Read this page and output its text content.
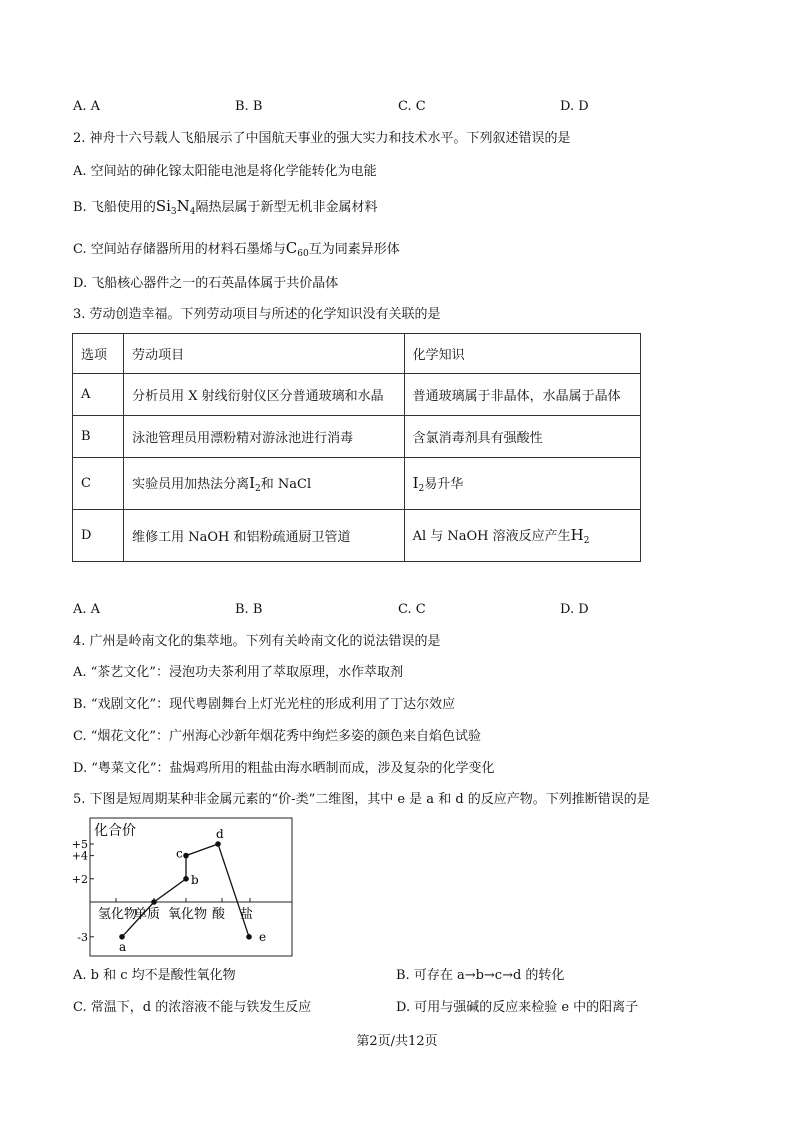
A. A	B. B	C. C	D. D
2. 神舟十六号载人飞船展示了中国航天事业的强大实力和技术水平。下列叙述错误的是
A. 空间站的砷化镓太阳能电池是将化学能转化为电能
B. 飞船使用的$Si_3N_4$隔热层属于新型无机非金属材料
C. 空间站存储器所用的材料石墨烯与$C_{60}$互为同素异形体
D. 飞船核心器件之一的石英晶体属于共价晶体
3. 劳动创造幸福。下列劳动项目与所述的化学知识没有关联的是
选项	劳动项目	化学知识
A	分析员用 X 射线衍射仪区分普通玻璃和水晶	普通玻璃属于非晶体，水晶属于晶体
B	泳池管理员用漂粉精对游泳池进行消毒	含氯消毒剂具有强酸性
C	实验员用加热法分离$I_2$和 NaCl	$I_2$易升华
D	维修工用 NaOH 和铝粉疏通厨卫管道	Al 与 NaOH 溶液反应产生$H_2$
A. A	B. B	C. C	D. D
4. 广州是岭南文化的集萃地。下列有关岭南文化的说法错误的是
A. “茶艺文化”：浸泡功夫茶利用了萃取原理，水作萃取剂
B. “戏剧文化”：现代粤剧舞台上灯光光柱的形成利用了丁达尔效应
C. “烟花文化”：广州海心沙新年烟花秀中绚烂多姿的颜色来自焰色试验
D. “粤菜文化”：盐焗鸡所用的粗盐由海水晒制而成，涉及复杂的化学变化
5. 下图是短周期某种非金属元素的“价-类”二维图，其中 e 是 a 和 d 的反应产物。下列推断错误的是
化合价
+5
+4
+2
-3
氢化物
单质 氧化物 酸 盐
a
b
c
d
e
A. b 和 c 均不是酸性氧化物	B. 可存在 a→b→c→d 的转化
C. 常温下，d 的浓溶液不能与铁发生反应	D. 可用与强碱的反应来检验 e 中的阳离子
第2页/共12页
